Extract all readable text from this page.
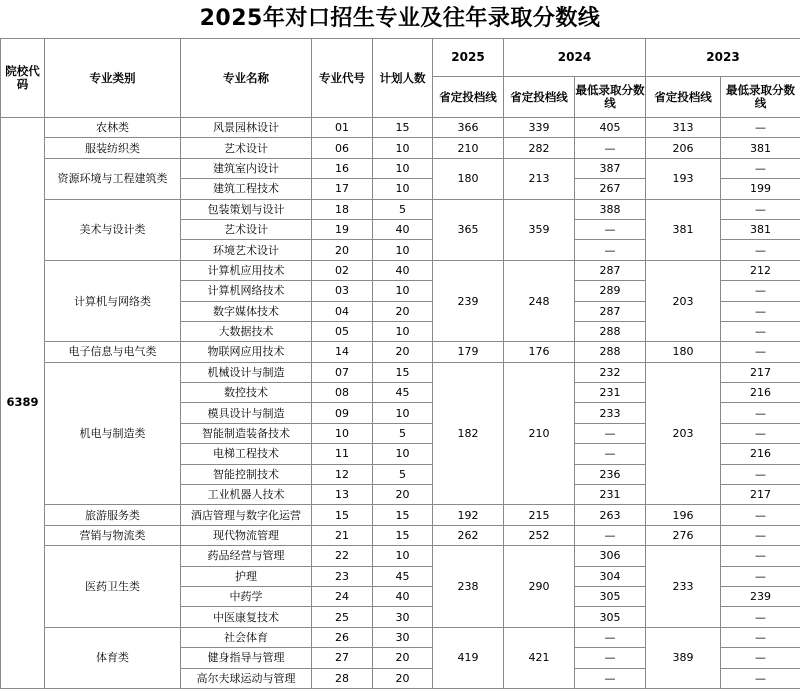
2025年对口招生专业及往年录取分数线
院校代码	专业类别	专业名称	专业代号	计划人数	2025	2024		2023	
					省定投档线	省定投档线	最低录取分数线	省定投档线	最低录取分数线
6389	农林类	风景园林设计	01	15	366	339	405	313	—
	服装纺织类	艺术设计	06	10	210	282	—	206	381
	资源环境与工程建筑类	建筑室内设计	16	10	180	213	387	193	—
		建筑工程技术	17	10			267		199
	美术与设计类	包装策划与设计	18	5	365	359	388	381	—
		艺术设计	19	40			—		381
		环境艺术设计	20	10			—		—
	计算机与网络类	计算机应用技术	02	40	239	248	287	203	212
		计算机网络技术	03	10			289		—
		数字媒体技术	04	20			287		—
		大数据技术	05	10			288		—
	电子信息与电气类	物联网应用技术	14	20	179	176	288	180	—
	机电与制造类	机械设计与制造	07	15	182	210	232	203	217
		数控技术	08	45			231		216
		模具设计与制造	09	10			233		—
		智能制造装备技术	10	5			—		—
		电梯工程技术	11	10			—		216
		智能控制技术	12	5			236		—
		工业机器人技术	13	20			231		217
	旅游服务类	酒店管理与数字化运营	15	15	192	215	263	196	—
	营销与物流类	现代物流管理	21	15	262	252	—	276	—
	医药卫生类	药品经营与管理	22	10	238	290	306	233	—
		护理	23	45			304		—
		中药学	24	40			305		239
		中医康复技术	25	30			305		—
	体育类	社会体育	26	30	419	421	—	389	—
		健身指导与管理	27	20			—		—
		高尔夫球运动与管理	28	20			—		—
